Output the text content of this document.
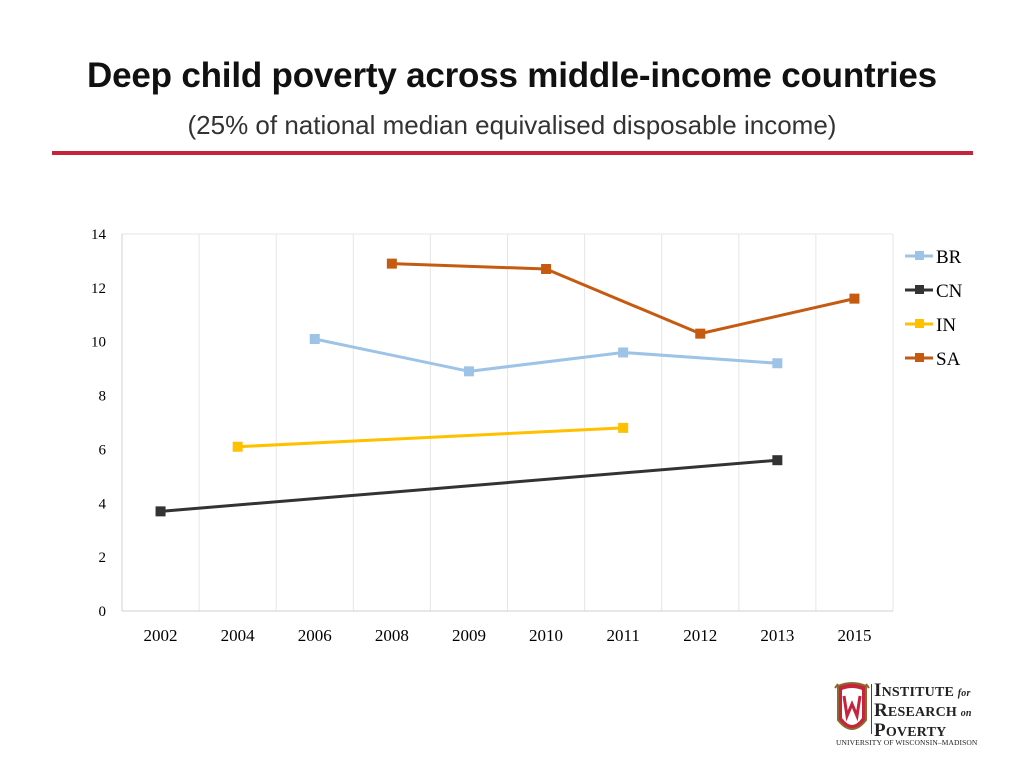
Deep child poverty across middle-income countries
(25% of national median equivalised disposable income)
0
2
4
6
8
10
12
14
2002	2004	2006	2008	2009	2010	2011	2012	2013	2015
BR
CN
IN
SA
INSTITUTE for
RESEARCH on
POVERTY
UNIVERSITY OF WISCONSIN–MADISON
